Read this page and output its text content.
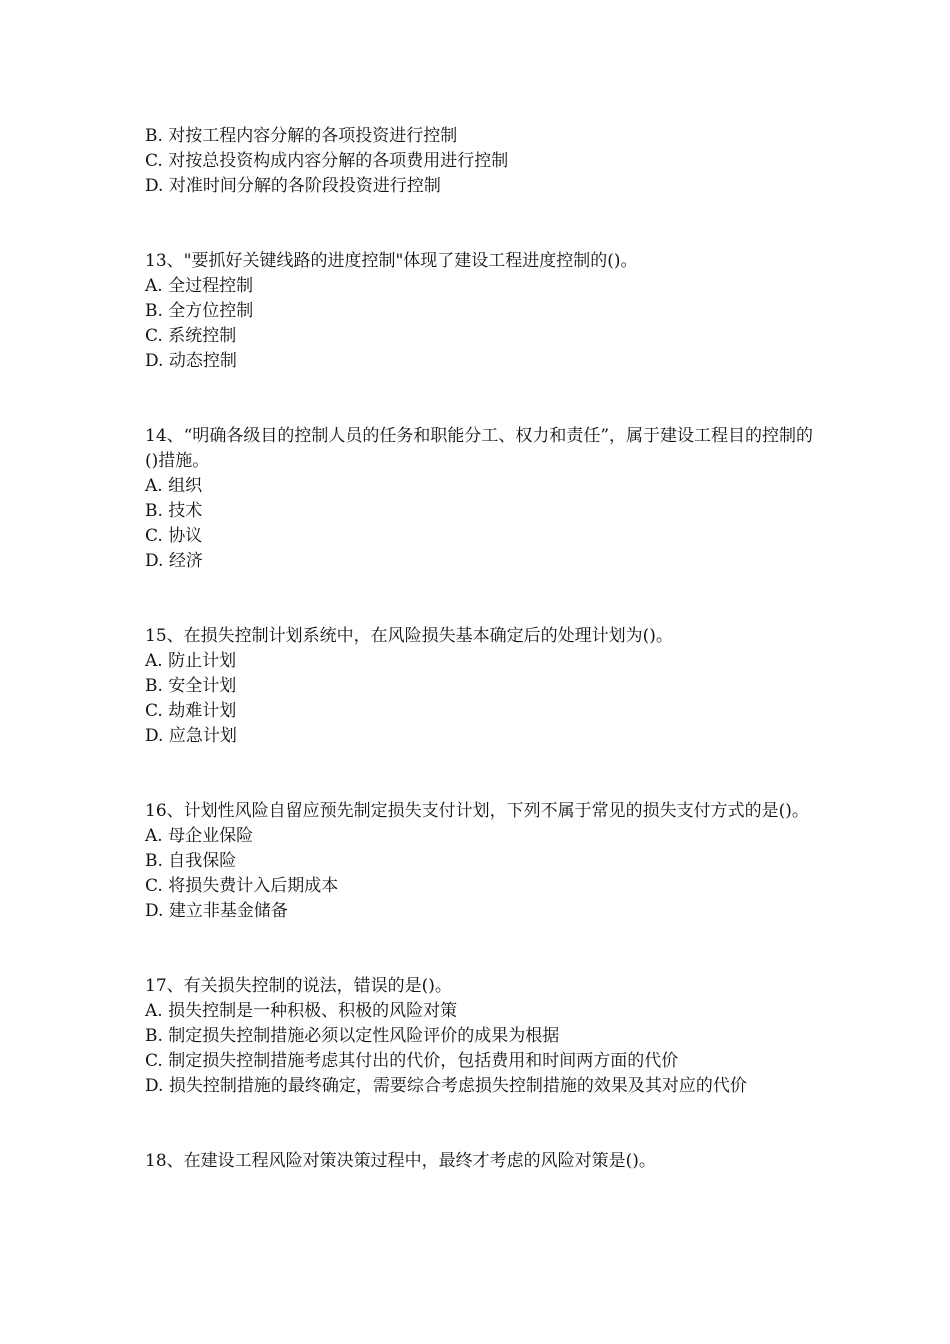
B. 对按工程内容分解的各项投资进行控制

C. 对按总投资构成内容分解的各项费用进行控制

D. 对准时间分解的各阶段投资进行控制

13、"要抓好关键线路的进度控制"体现了建设工程进度控制的()。

A. 全过程控制

B. 全方位控制

C. 系统控制

D. 动态控制

14、“明确各级目的控制人员的任务和职能分工、权力和责任”，属于建设工程目的控制的()措施。

A. 组织

B. 技术

C. 协议

D. 经济

15、在损失控制计划系统中，在风险损失基本确定后的处理计划为()。

A. 防止计划

B. 安全计划

C. 劫难计划

D. 应急计划

16、计划性风险自留应预先制定损失支付计划，下列不属于常见的损失支付方式的是()。

A. 母企业保险

B. 自我保险

C. 将损失费计入后期成本

D. 建立非基金储备

17、有关损失控制的说法，错误的是()。

A. 损失控制是一种积极、积极的风险对策

B. 制定损失控制措施必须以定性风险评价的成果为根据

C. 制定损失控制措施考虑其付出的代价，包括费用和时间两方面的代价

D. 损失控制措施的最终确定，需要综合考虑损失控制措施的效果及其对应的代价

18、在建设工程风险对策决策过程中，最终才考虑的风险对策是()。
